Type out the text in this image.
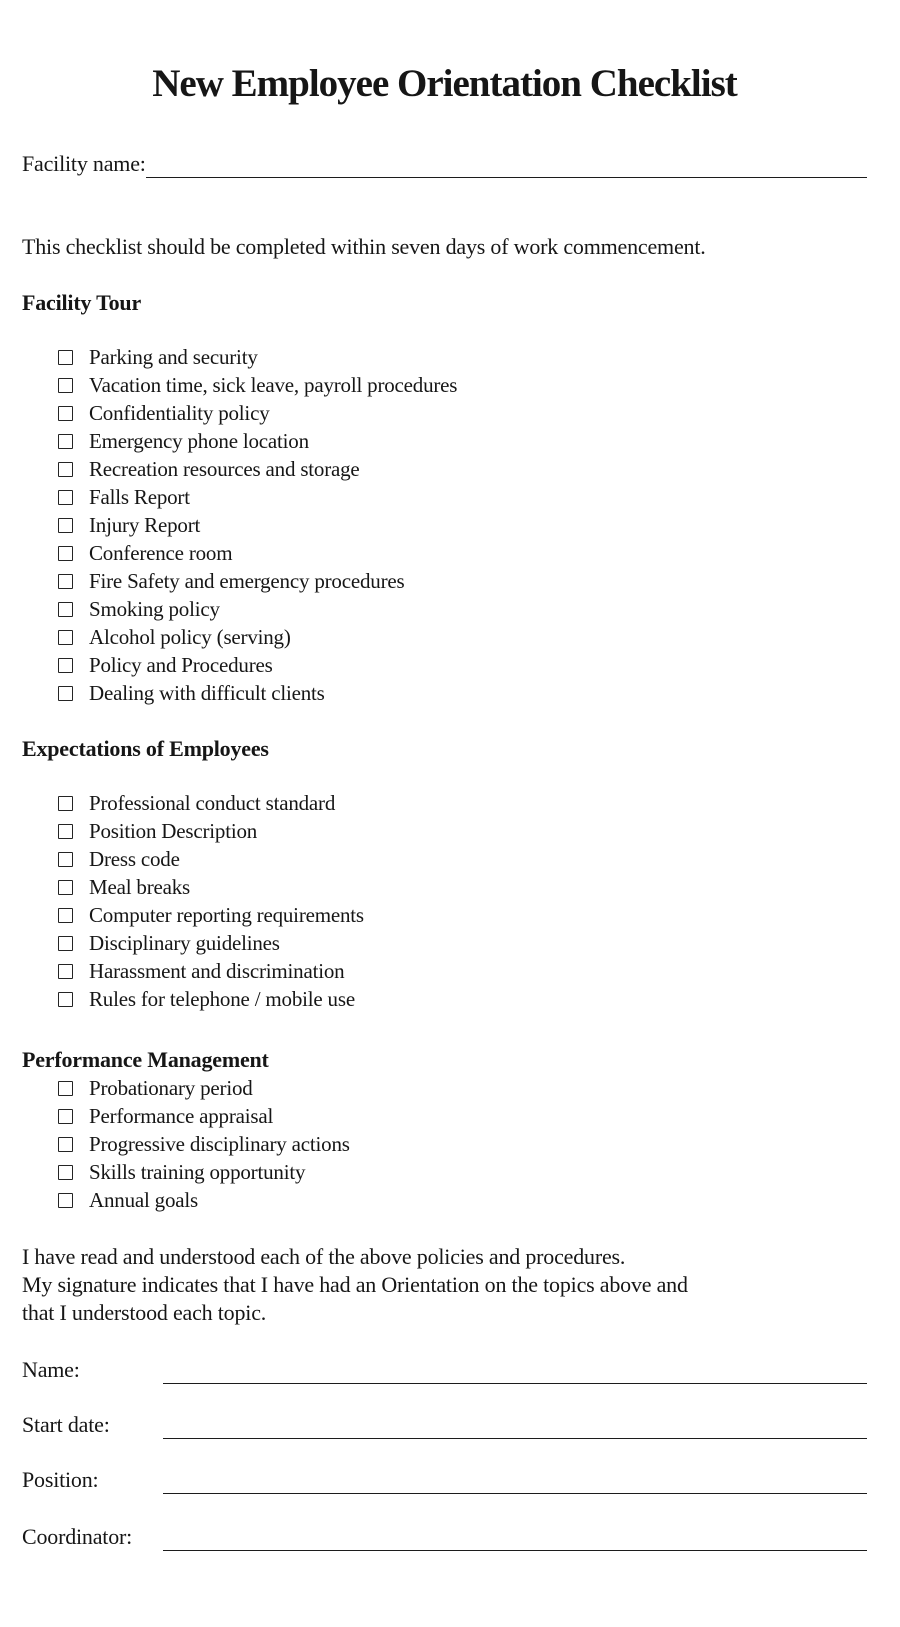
New Employee Orientation Checklist
Facility name:
This checklist should be completed within seven days of work commencement.
Facility Tour
Parking and security
Vacation time, sick leave, payroll procedures
Confidentiality policy
Emergency phone location
Recreation resources and storage
Falls Report
Injury Report
Conference room
Fire Safety and emergency procedures
Smoking policy
Alcohol policy (serving)
Policy and Procedures
Dealing with difficult clients
Expectations of Employees
Professional conduct standard
Position Description
Dress code
Meal breaks
Computer reporting requirements
Disciplinary guidelines
Harassment and discrimination
Rules for telephone / mobile use
Performance Management
Probationary period
Performance appraisal
Progressive disciplinary actions
Skills training opportunity
Annual goals
I have read and understood each of the above policies and procedures.
My signature indicates that I have had an Orientation on the topics above and
that I understood each topic.
Name:
Start date:
Position:
Coordinator:
